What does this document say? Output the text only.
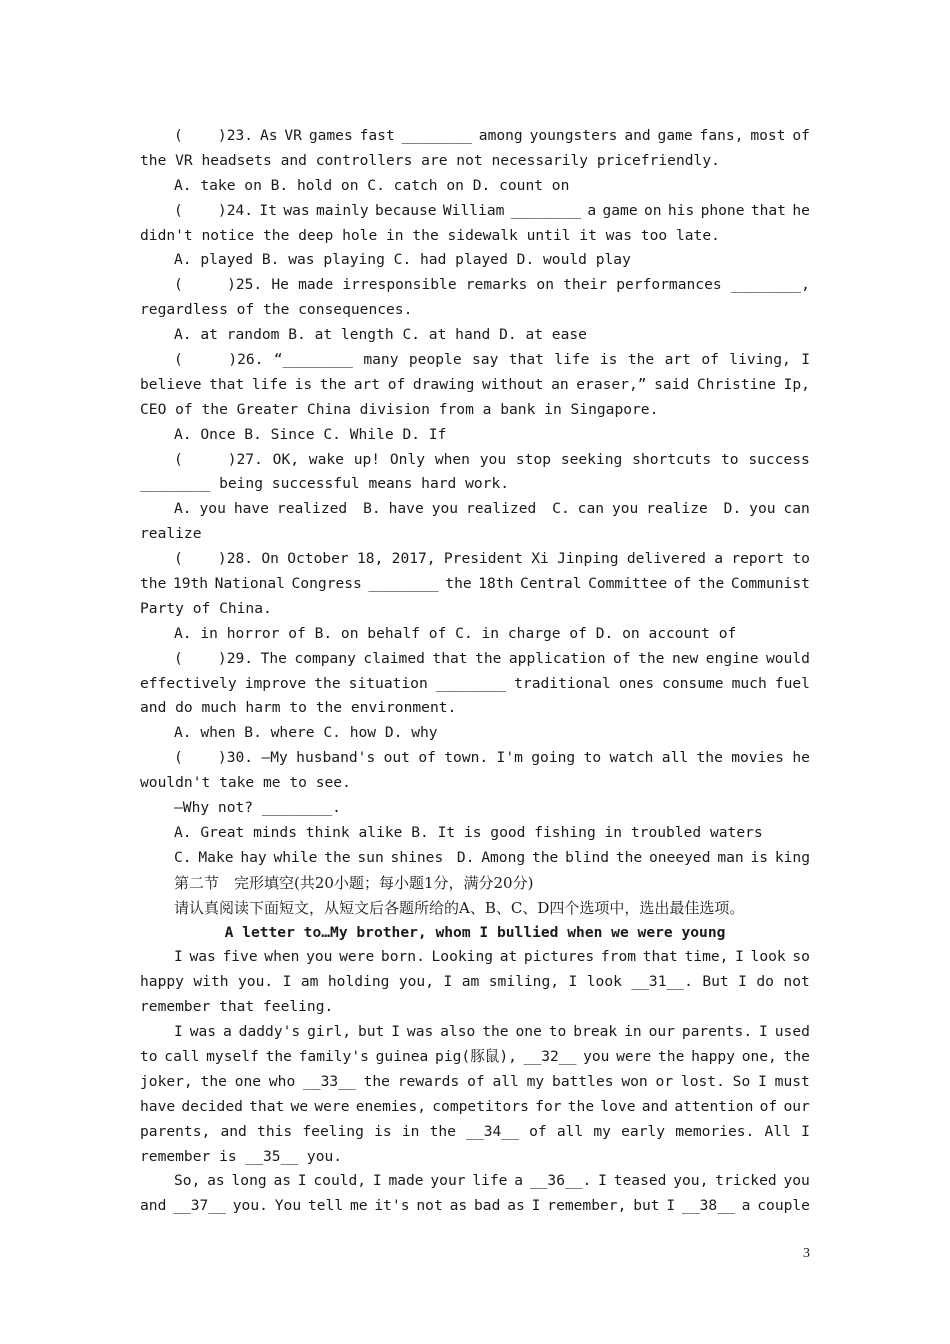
(    )23. As VR games fast ________ among youngsters and game fans, most of
the VR headsets and controllers are not necessarily pricefriendly.
A. take on B. hold on C. catch on D. count on
(    )24. It was mainly because William ________ a game on his phone that he
didn't notice the deep hole in the sidewalk until it was too late.
A. played B. was playing C. had played D. would play
( )25. He made irresponsible remarks on their performances ________,
regardless of the consequences.
A. at random B. at length C. at hand D. at ease
( )26. “________ many people say that life is the art of living, I
believe that life is the art of drawing without an eraser,” said Christine Ip,
CEO of the Greater China division from a bank in Singapore.
A. Once B. Since C. While D. If
( )27. OK, wake up! Only when you stop seeking shortcuts to success
________ being successful means hard work.
A. you have realized B. have you realized C. can you realize D. you can
realize
(    )28. On October 18, 2017, President Xi Jinping delivered a report to
the 19th National Congress ________ the 18th Central Committee of the Communist
Party of China.
A. in horror of B. on behalf of C. in charge of D. on account of
(    )29. The company claimed that the application of the new engine would
effectively improve the situation ________ traditional ones consume much fuel
and do much harm to the environment.
A. when B. where C. how D. why
(    )30. —My husband's out of town. I'm going to watch all the movies he
wouldn't take me to see.
—Why not? ________.
A. Great minds think alike B. It is good fishing in troubled waters
C. Make hay while the sun shines D. Among the blind the oneeyed man is king
第二节　完形填空(共20小题；每小题1分，满分20分)
请认真阅读下面短文，从短文后各题所给的A、B、C、D四个选项中，选出最佳选项。
A letter to…My brother, whom I bullied when we were young
I was five when you were born. Looking at pictures from that time, I look so
happy with you. I am holding you, I am smiling, I look __31__. But I do not
remember that feeling.
I was a daddy's girl, but I was also the one to break in our parents. I used
to call myself the family's guinea pig(豚鼠), __32__ you were the happy one, the
joker, the one who __33__ the rewards of all my battles won or lost. So I must
have decided that we were enemies, competitors for the love and attention of our
parents, and this feeling is in the __34__ of all my early memories. All I
remember is __35__ you.
So, as long as I could, I made your life a __36__. I teased you, tricked you
and __37__ you. You tell me it's not as bad as I remember, but I __38__ a couple
3
